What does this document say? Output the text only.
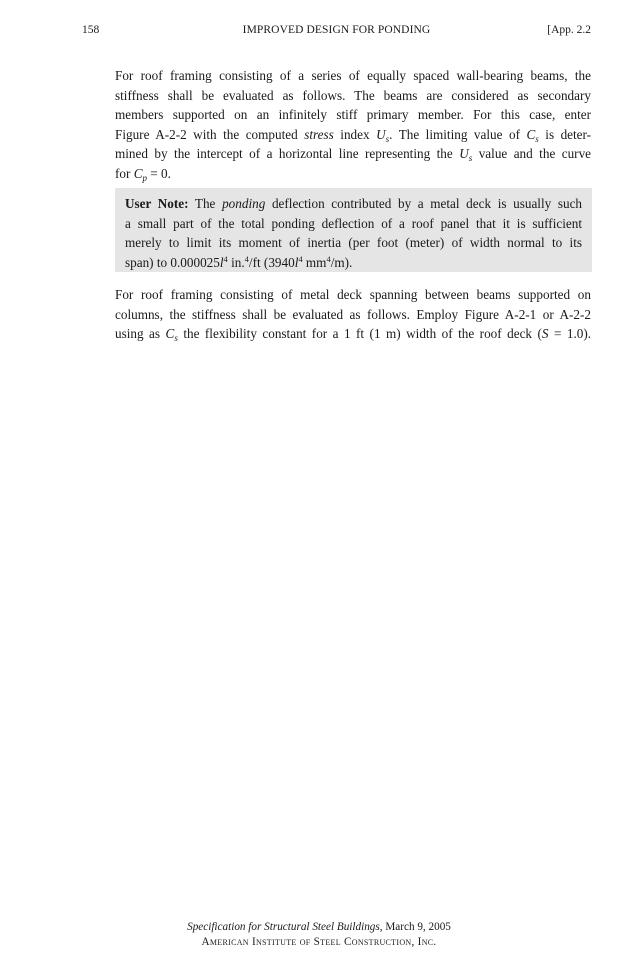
158	IMPROVED DESIGN FOR PONDING	[App. 2.2
For roof framing consisting of a series of equally spaced wall-bearing beams, the
stiffness shall be evaluated as follows. The beams are considered as secondary
members supported on an infinitely stiff primary member. For this case, enter
Figure A-2-2 with the computed stress index $U_s$. The limiting value of $C_s$ is deter-
mined by the intercept of a horizontal line representing the $U_s$ value and the curve
for $C_p = 0$.
User Note: The ponding deflection contributed by a metal deck is usually such
a small part of the total ponding deflection of a roof panel that it is sufficient
merely to limit its moment of inertia (per foot (meter) of width normal to its
span) to $0.000025l^4$ in.$^4$/ft ($3940l^4$ $mm^4/m$).
For roof framing consisting of metal deck spanning between beams supported on
columns, the stiffness shall be evaluated as follows. Employ Figure A-2-1 or A-2-2
using as $C_s$ the flexibility constant for a 1 ft (1 m) width of the roof deck (S = 1.0).
Specification for Structural Steel Buildings, March 9, 2005
American Institute of Steel Construction, Inc.
